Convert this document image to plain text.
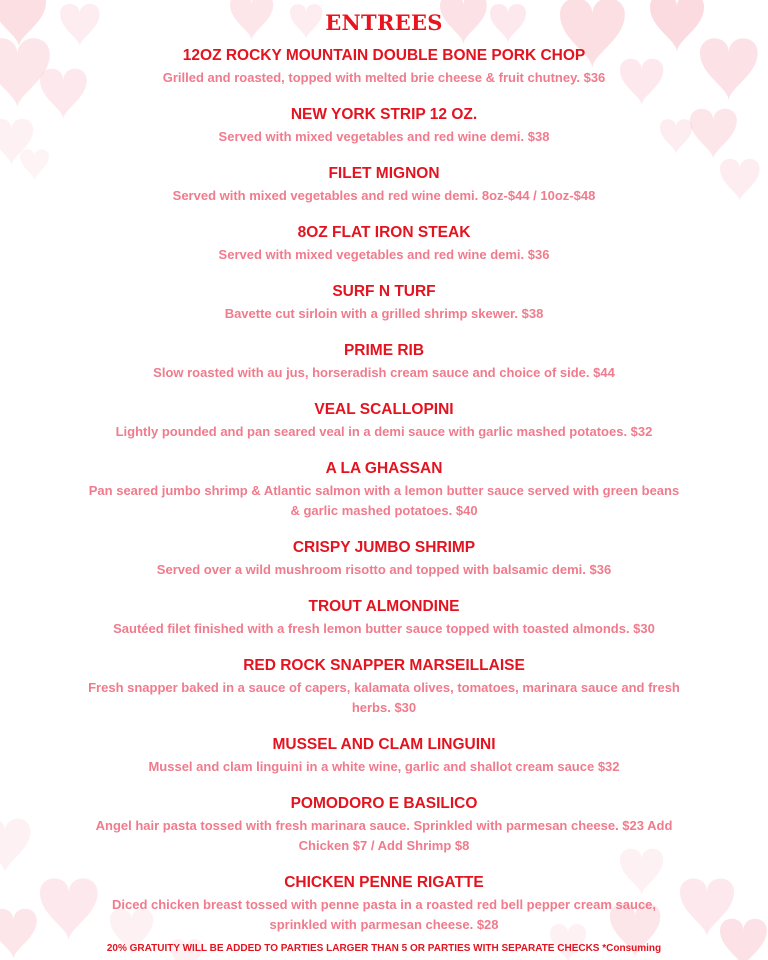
ENTREES
12OZ ROCKY MOUNTAIN DOUBLE BONE PORK CHOP
Grilled and roasted, topped with melted brie cheese & fruit chutney. $36
NEW YORK STRIP 12 OZ.
Served with mixed vegetables and red wine demi. $38
FILET MIGNON
Served with mixed vegetables and red wine demi. 8oz-$44 / 10oz-$48
8OZ FLAT IRON STEAK
Served with mixed vegetables and red wine demi. $36
SURF N TURF
Bavette cut sirloin with a grilled shrimp skewer. $38
PRIME RIB
Slow roasted with au jus, horseradish cream sauce and choice of side. $44
VEAL SCALLOPINI
Lightly pounded and pan seared veal in a demi sauce with garlic mashed potatoes. $32
A LA GHASSAN
Pan seared jumbo shrimp & Atlantic salmon with a lemon butter sauce served with green beans & garlic mashed potatoes. $40
CRISPY JUMBO SHRIMP
Served over a wild mushroom risotto and topped with balsamic demi. $36
TROUT ALMONDINE
Sautéed filet finished with a fresh lemon butter sauce topped with toasted almonds. $30
RED ROCK SNAPPER MARSEILLAISE
Fresh snapper baked in a sauce of capers, kalamata olives, tomatoes, marinara sauce and fresh herbs. $30
MUSSEL AND CLAM LINGUINI
Mussel and clam linguini in a white wine, garlic and shallot cream sauce $32
POMODORO E BASILICO
Angel hair pasta tossed with fresh marinara sauce. Sprinkled with parmesan cheese. $23 Add Chicken $7 / Add Shrimp $8
CHICKEN PENNE RIGATTE
Diced chicken breast tossed with penne pasta in a roasted red bell pepper cream sauce, sprinkled with parmesan cheese. $28
20% GRATUITY WILL BE ADDED TO PARTIES LARGER THAN 5 OR PARTIES WITH SEPARATE CHECKS *Consuming
